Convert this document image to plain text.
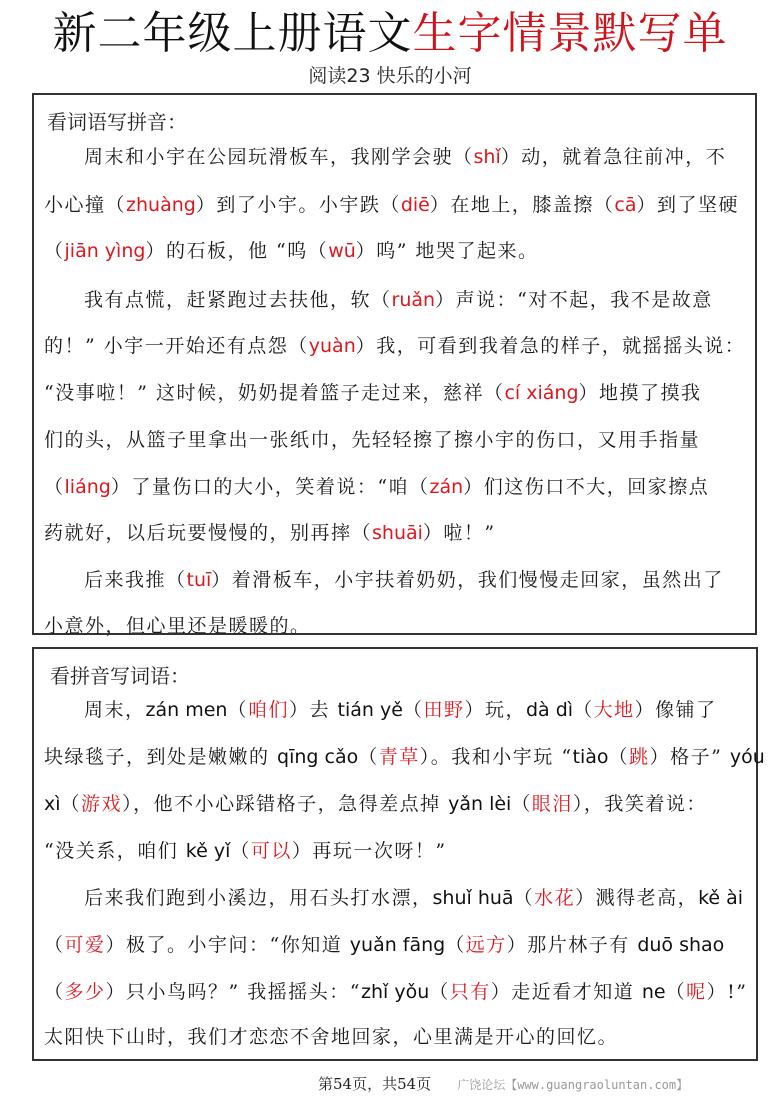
新二年级上册语文生字情景默写单
阅读23 快乐的小河
看词语写拼音：
周末和小宇在公园玩滑板车，我刚学会驶（shǐ）动，就着急往前冲，不
小心撞（zhuàng）到了小宇。小宇跌（diē）在地上，膝盖擦（cā）到了坚硬
（jiān yìng）的石板，他 “呜（wū）呜” 地哭了起来。
我有点慌，赶紧跑过去扶他，软（ruǎn）声说：“对不起，我不是故意
的！” 小宇一开始还有点怨（yuàn）我，可看到我着急的样子，就摇摇头说：
“没事啦！” 这时候，奶奶提着篮子走过来，慈祥（cí xiáng）地摸了摸我
们的头，从篮子里拿出一张纸巾，先轻轻擦了擦小宇的伤口，又用手指量
（liáng）了量伤口的大小，笑着说：“咱（zán）们这伤口不大，回家擦点
药就好，以后玩要慢慢的，别再摔（shuāi）啦！”
后来我推（tuī）着滑板车，小宇扶着奶奶，我们慢慢走回家，虽然出了
小意外，但心里还是暖暖的。
看拼音写词语：
周末，zán men（咱们）去 tián yě（田野）玩，dà dì（大地）像铺了
块绿毯子，到处是嫩嫩的 qīng cǎo（青草）。我和小宇玩 “tiào（跳）格子” yóu
xì（游戏），他不小心踩错格子，急得差点掉 yǎn lèi（眼泪），我笑着说：
“没关系，咱们 kě yǐ（可以）再玩一次呀！”
后来我们跑到小溪边，用石头打水漂，shuǐ huā（水花）溅得老高，kě ài
（可爱）极了。小宇问：“你知道 yuǎn fāng（远方）那片林子有 duō shao
（多少）只小鸟吗？” 我摇摇头：“zhǐ yǒu（只有）走近看才知道 ne（呢）!”
太阳快下山时，我们才恋恋不舍地回家，心里满是开心的回忆。
第54页，共54页 广饶论坛【www.guangraoluntan.com】
